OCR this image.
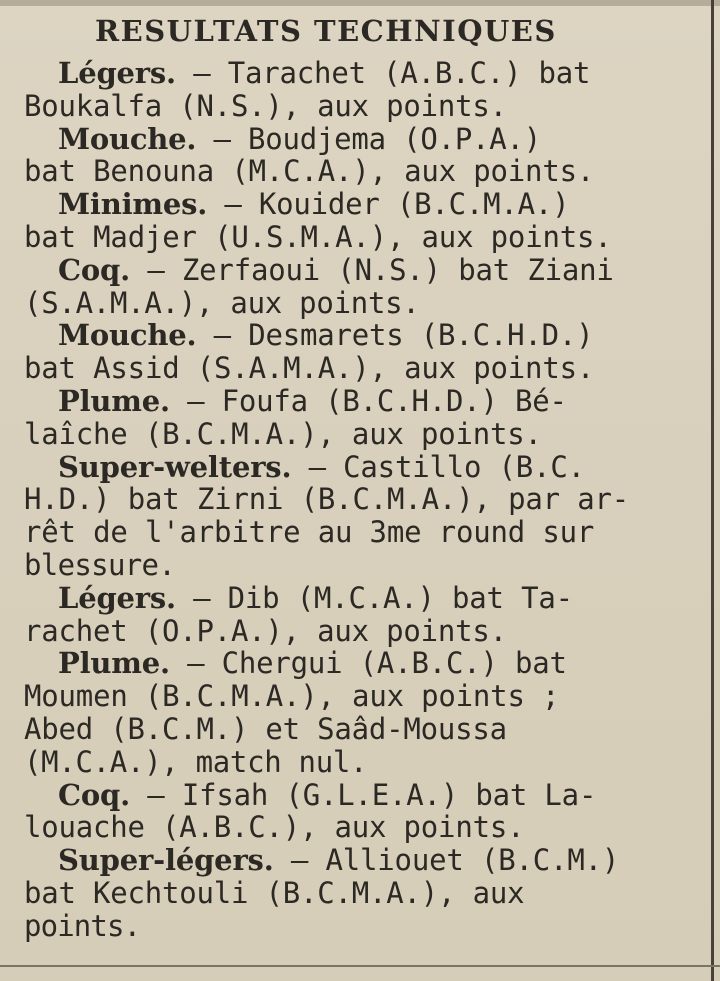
RESULTATS TECHNIQUES
Légers. — Tarachet (A.B.C.) bat
Boukalfa (N.S.), aux points.
Mouche. — Boudjema (O.P.A.)
bat Benouna (M.C.A.), aux points.
Minimes. — Kouider (B.C.M.A.)
bat Madjer (U.S.M.A.), aux points.
Coq. — Zerfaoui (N.S.) bat Ziani
(S.A.M.A.), aux points.
Mouche. — Desmarets (B.C.H.D.)
bat Assid (S.A.M.A.), aux points.
Plume. — Foufa (B.C.H.D.) Bé-
laîche (B.C.M.A.), aux points.
Super-welters. — Castillo (B.C.
H.D.) bat Zirni (B.C.M.A.), par ar-
rêt de l'arbitre au 3me round sur
blessure.
Légers. — Dib (M.C.A.) bat Ta-
rachet (O.P.A.), aux points.
Plume. — Chergui (A.B.C.) bat
Moumen (B.C.M.A.), aux points ;
Abed (B.C.M.) et Saâd-Moussa
(M.C.A.), match nul.
Coq. — Ifsah (G.L.E.A.) bat La-
louache (A.B.C.), aux points.
Super-légers. — Alliouet (B.C.M.)
bat Kechtouli (B.C.M.A.), aux
points.
